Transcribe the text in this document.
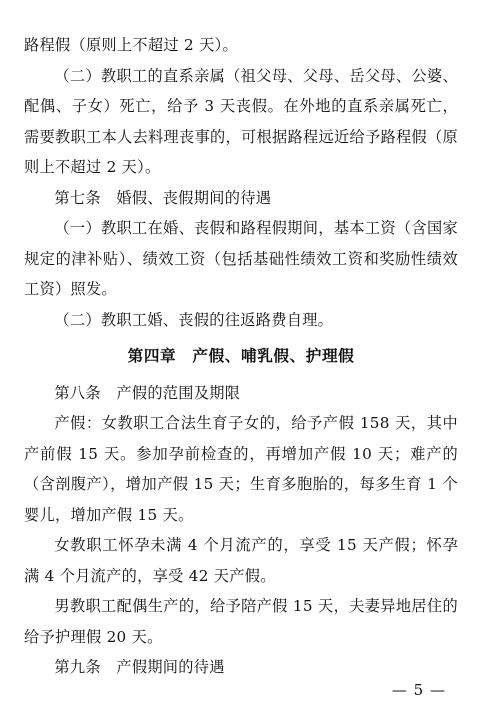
路程假（原则上不超过 2 天）。

（二）教职工的直系亲属（祖父母、父母、岳父母、公婆、配偶、子女）死亡，给予 3 天丧假。在外地的直系亲属死亡，需要教职工本人去料理丧事的，可根据路程远近给予路程假（原则上不超过 2 天）。

第七条　婚假、丧假期间的待遇

（一）教职工在婚、丧假和路程假期间，基本工资（含国家规定的津补贴）、绩效工资（包括基础性绩效工资和奖励性绩效工资）照发。

（二）教职工婚、丧假的往返路费自理。

第四章　产假、哺乳假、护理假

第八条　产假的范围及期限

产假：女教职工合法生育子女的，给予产假 158 天，其中产前假 15 天。参加孕前检查的，再增加产假 10 天；难产的（含剖腹产），增加产假 15 天；生育多胞胎的，每多生育 1 个婴儿，增加产假 15 天。

女教职工怀孕未满 4 个月流产的，享受 15 天产假；怀孕满 4 个月流产的，享受 42 天产假。

男教职工配偶生产的，给予陪产假 15 天，夫妻异地居住的给予护理假 20 天。

第九条　产假期间的待遇

— 5 —
